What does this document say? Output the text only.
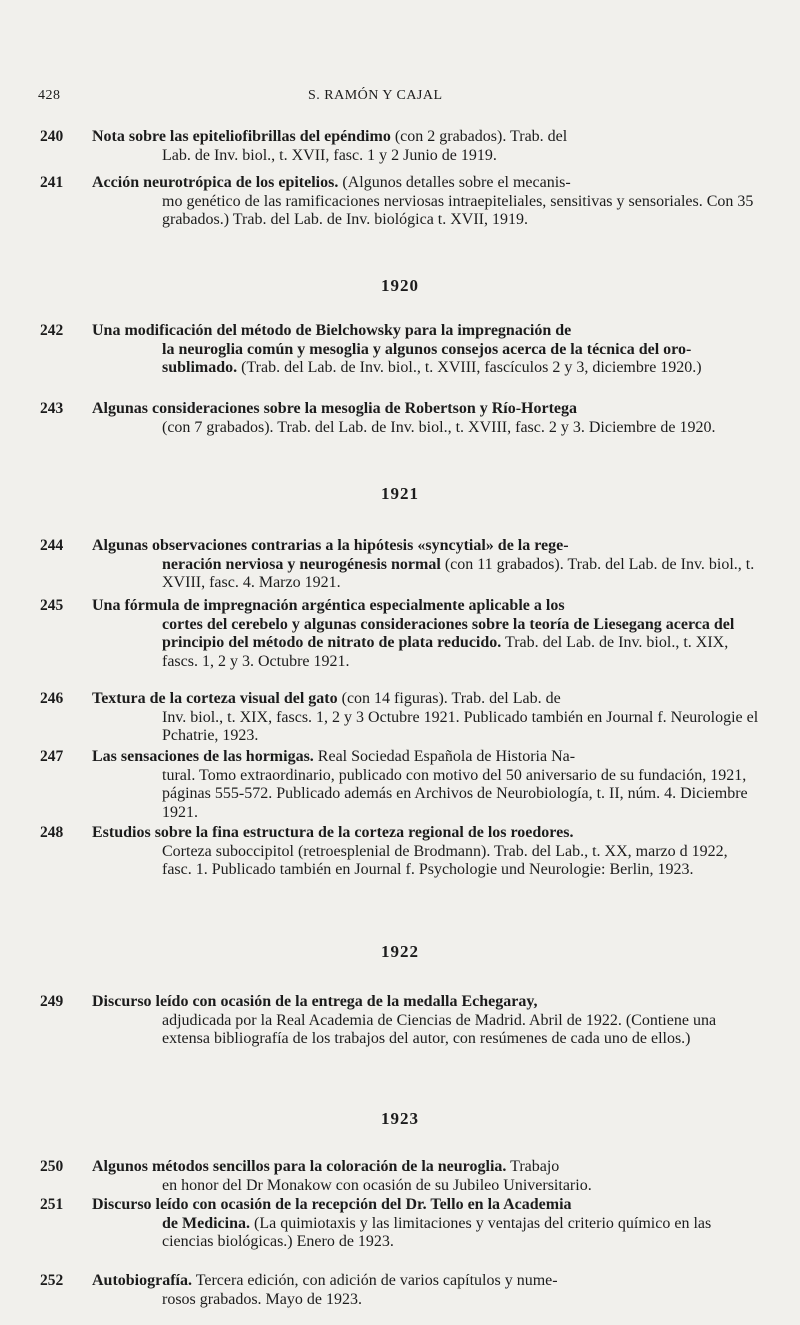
428	S. RAMÓN Y CAJAL
240	Nota sobre las epiteliofibrillas del epéndimo (con 2 grabados). Trab. del
Lab. de Inv. biol., t. XVII, fasc. 1 y 2 Junio de 1919.
241	Acción neurotrópica de los epitelios. (Algunos detalles sobre el mecanis-
mo genético de las ramificaciones nerviosas intraepiteliales, sensitivas y sensoriales. Con 35 grabados.) Trab. del Lab. de Inv. biológica t. XVII, 1919.
1920
242	Una modificación del método de Bielchowsky para la impregnación de
la neuroglia común y mesoglia y algunos consejos acerca de la técnica del oro-sublimado. (Trab. del Lab. de Inv. biol., t. XVIII, fascículos 2 y 3, diciembre 1920.)
243	Algunas consideraciones sobre la mesoglia de Robertson y Río-Hortega
(con 7 grabados). Trab. del Lab. de Inv. biol., t. XVIII, fasc. 2 y 3. Diciembre de 1920.
1921
244	Algunas observaciones contrarias a la hipótesis «syncytial» de la rege-
neración nerviosa y neurogénesis normal (con 11 grabados). Trab. del Lab. de Inv. biol., t. XVIII, fasc. 4. Marzo 1921.
245	Una fórmula de impregnación argéntica especialmente aplicable a los
cortes del cerebelo y algunas consideraciones sobre la teoría de Liesegang acerca del principio del método de nitrato de plata reducido. Trab. del Lab. de Inv. biol., t. XIX, fascs. 1, 2 y 3. Octubre 1921.
246	Textura de la corteza visual del gato (con 14 figuras). Trab. del Lab. de
Inv. biol., t. XIX, fascs. 1, 2 y 3 Octubre 1921. Publicado también en Journal f. Neurologie el Pchatrie, 1923.
247	Las sensaciones de las hormigas. Real Sociedad Española de Historia Na-
tural. Tomo extraordinario, publicado con motivo del 50 aniversario de su fundación, 1921, páginas 555-572. Publicado además en Archivos de Neurobiología, t. II, núm. 4. Diciembre 1921.
248	Estudios sobre la fina estructura de la corteza regional de los roedores.
Corteza suboccipitol (retroesplenial de Brodmann). Trab. del Lab., t. XX, marzo d 1922, fasc. 1. Publicado también en Journal f. Psychologie und Neurologie: Berlin, 1923.
1922
249	Discurso leído con ocasión de la entrega de la medalla Echegaray,
adjudicada por la Real Academia de Ciencias de Madrid. Abril de 1922. (Contiene una extensa bibliografía de los trabajos del autor, con resúmenes de cada uno de ellos.)
1923
250	Algunos métodos sencillos para la coloración de la neuroglia. Trabajo
en honor del Dr Monakow con ocasión de su Jubileo Universitario.
251	Discurso leído con ocasión de la recepción del Dr. Tello en la Academia
de Medicina. (La quimiotaxis y las limitaciones y ventajas del criterio químico en las ciencias biológicas.) Enero de 1923.
252	Autobiografía. Tercera edición, con adición de varios capítulos y nume-
rosos grabados. Mayo de 1923.
